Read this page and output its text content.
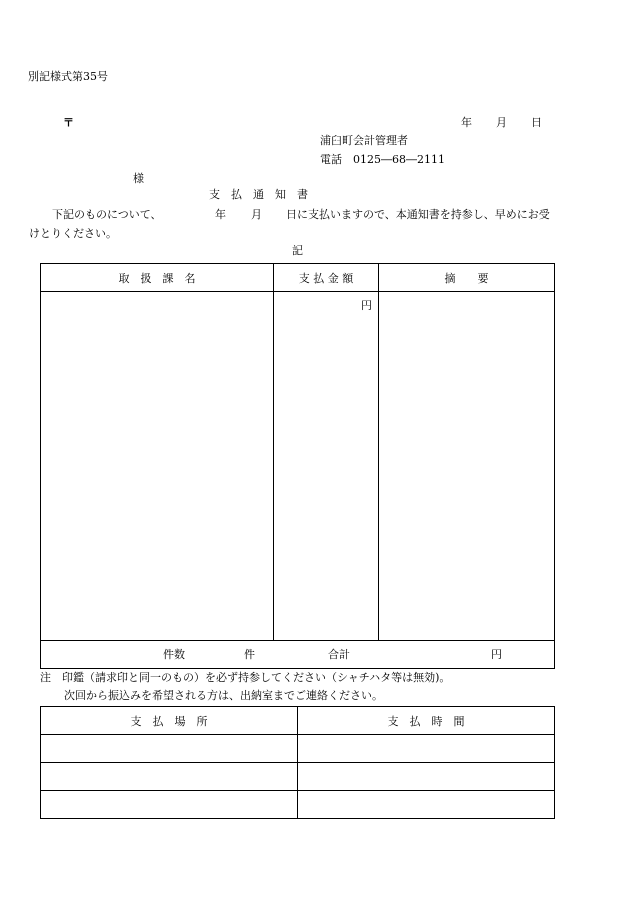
別記様式第35号
〒	年 月 日
浦臼町会計管理者
電話　0125―68―2111
様
支　払　通　知　書
下記のものについて、	年 月 日に支払いますので、本通知書を持参し、早めにお受
けとりください。
記
取　扱　課　名	支 払 金 額	摘　　要
	円	

件数 件 合計 円		
注　印鑑（請求印と同一のもの）を必ず持参してください（シャチハタ等は無効)。
次回から振込みを希望される方は、出納室までご連絡ください。
支　払　場　所	支　払　時　間
